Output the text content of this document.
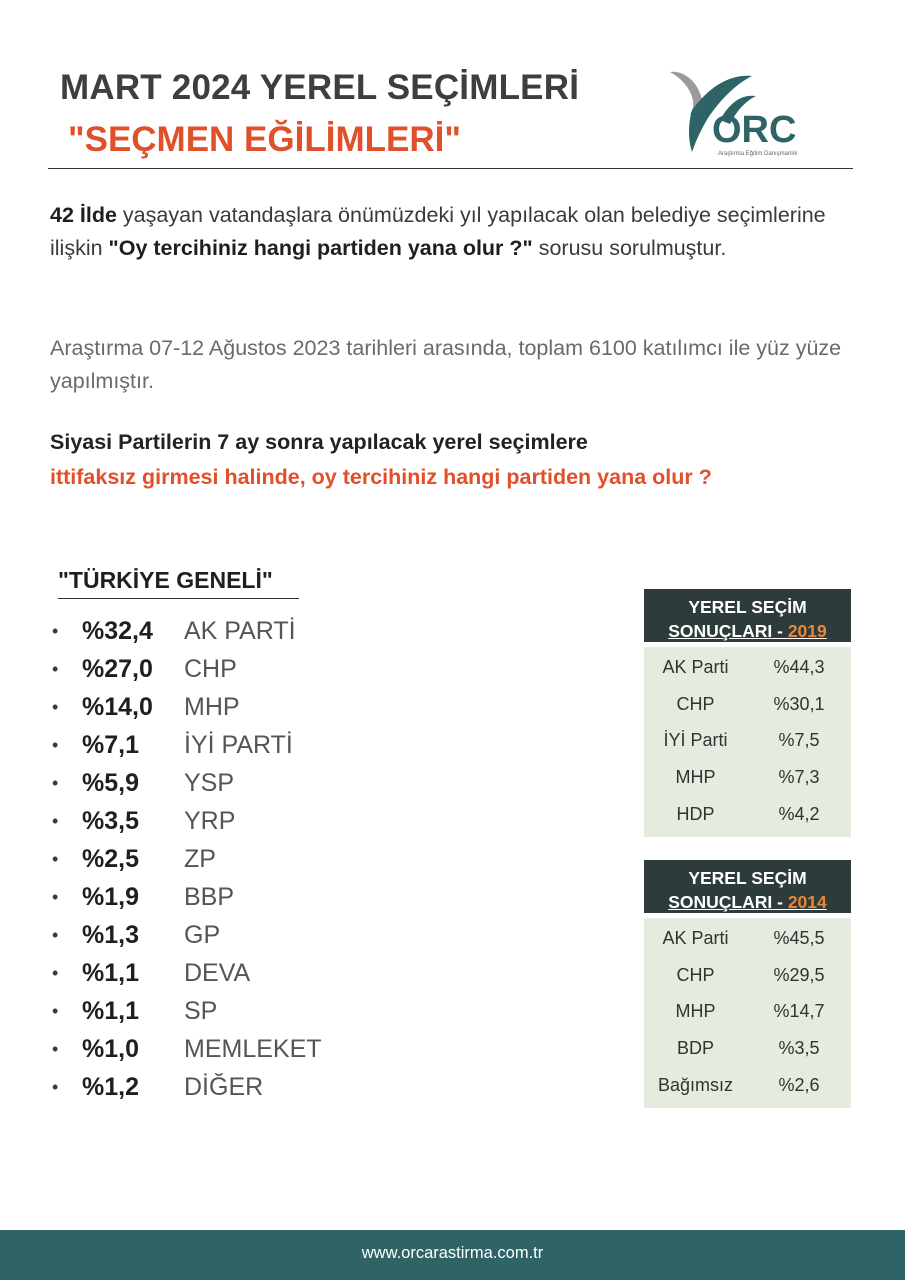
MART 2024 YEREL SEÇİMLERİ
"SEÇMEN EĞİLİMLERİ"	ORC
Araştırma Eğitim Danışmanlık
42 İlde yaşayan vatandaşlara önümüzdeki yıl yapılacak olan belediye seçimlerine ilişkin "Oy tercihiniz hangi partiden yana olur ?" sorusu sorulmuştur.
Araştırma 07-12 Ağustos 2023 tarihleri arasında, toplam 6100 katılımcı ile yüz yüze yapılmıştır.
Siyasi Partilerin 7 ay sonra yapılacak yerel seçimlere
ittifaksız girmesi halinde, oy tercihiniz hangi partiden yana olur ?
"TÜRKİYE GENELİ"
• %32,4	AK PARTİ
• %27,0	CHP
• %14,0	MHP
• %7,1	İYİ PARTİ
• %5,9	YSP
• %3,5	YRP
• %2,5	ZP
• %1,9	BBP
• %1,3	GP
• %1,1	DEVA
• %1,1	SP
• %1,0	MEMLEKET
• %1,2	DİĞER
YEREL SEÇİM
SONUÇLARI - 2019
AK Parti	%44,3
CHP	%30,1
İYİ Parti	%7,5
MHP	%7,3
HDP	%4,2
YEREL SEÇİM
SONUÇLARI - 2014
AK Parti	%45,5
CHP	%29,5
MHP	%14,7
BDP	%3,5
Bağımsız	%2,6
www.orcarastirma.com.tr
